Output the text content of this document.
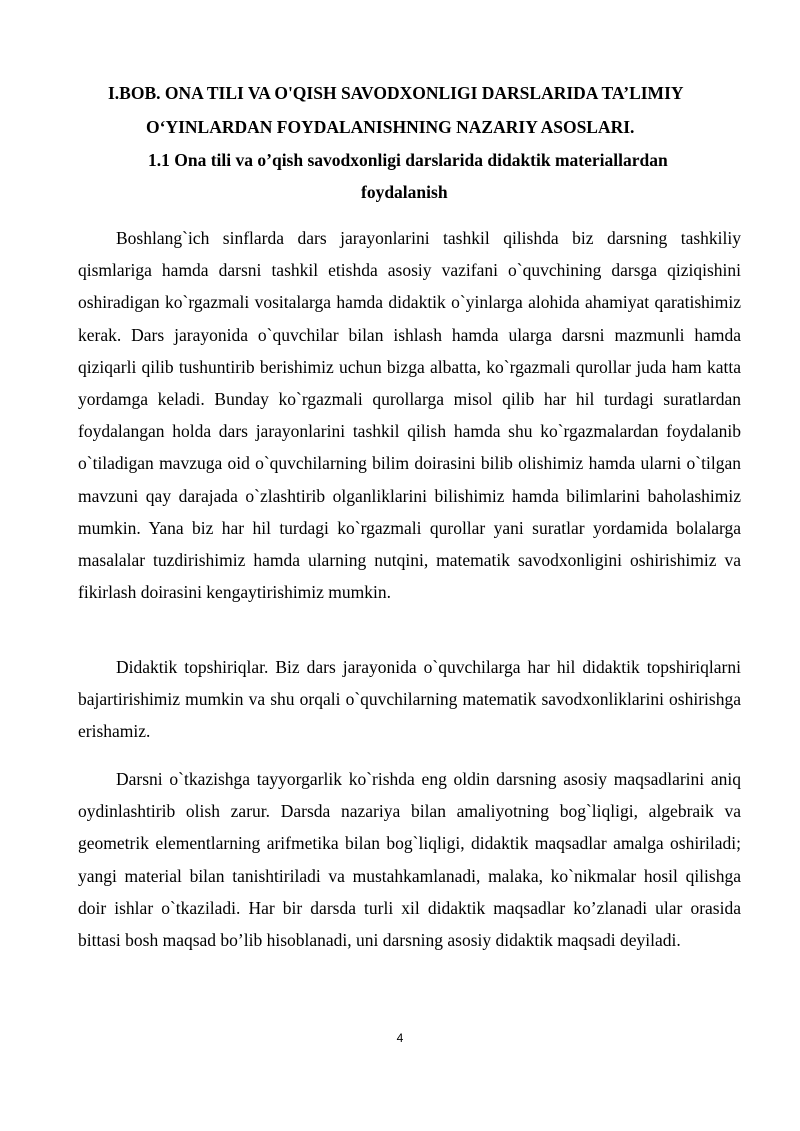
I.BOB. ONA TILI VA O'QISH SAVODXONLIGI DARSLARIDA TA’LIMIY
O‘YINLARDAN FOYDALANISHNING NAZARIY ASOSLARI.
1.1 Ona tili va o’qish savodxonligi darslarida didaktik materiallardan
foydalanish

Boshlang`ich sinflarda dars jarayonlarini tashkil qilishda biz darsning tashkiliy qismlariga hamda darsni tashkil etishda asosiy vazifani o`quvchining darsga qiziqishini oshiradigan ko`rgazmali vositalarga hamda didaktik o`yinlarga alohida ahamiyat qaratishimiz kerak. Dars jarayonida o`quvchilar bilan ishlash hamda ularga darsni mazmunli hamda qiziqarli qilib tushuntirib berishimiz uchun bizga albatta, ko`rgazmali qurollar juda ham katta yordamga keladi. Bunday ko`rgazmali qurollarga misol qilib har hil turdagi suratlardan foydalangan holda dars jarayonlarini tashkil qilish hamda shu ko`rgazmalardan foydalanib o`tiladigan mavzuga oid o`quvchilarning bilim doirasini bilib olishimiz hamda ularni o`tilgan mavzuni qay darajada o`zlashtirib olganliklarini bilishimiz hamda bilimlarini baholashimiz mumkin. Yana biz har hil turdagi ko`rgazmali qurollar yani suratlar yordamida bolalarga masalalar tuzdirishimiz hamda ularning nutqini, matematik savodxonligini oshirishimiz va fikirlash doirasini kengaytirishimiz mumkin.

Didaktik topshiriqlar. Biz dars jarayonida o`quvchilarga har hil didaktik topshiriqlarni bajartirishimiz mumkin va shu orqali o`quvchilarning matematik savodxonliklarini oshirishga erishamiz.

Darsni o`tkazishga tayyorgarlik ko`rishda eng oldin darsning asosiy maqsadlarini aniq oydinlashtirib olish zarur. Darsda nazariya bilan amaliyotning bog`liqligi, algebraik va geometrik elementlarning arifmetika bilan bog`liqligi, didaktik maqsadlar amalga oshiriladi; yangi material bilan tanishtiriladi va mustahkamlanadi, malaka, ko`nikmalar hosil qilishga doir ishlar o`tkaziladi. Har bir darsda turli xil didaktik maqsadlar ko’zlanadi ular orasida bittasi bosh maqsad bo’lib hisoblanadi, uni darsning asosiy didaktik maqsadi deyiladi.

4
